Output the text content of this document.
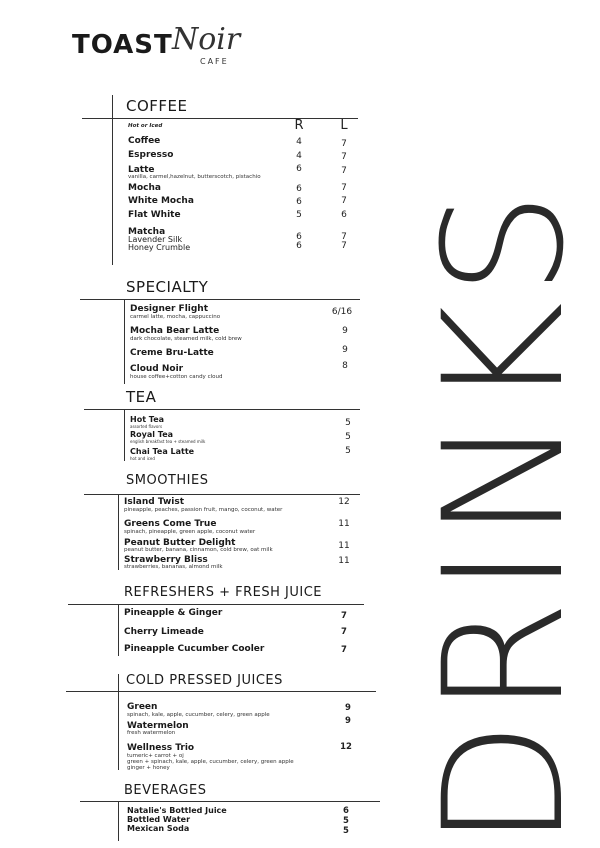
TOAST Noir
CAFE
DRINKS
COFFEE
Hot or Iced	R	L
Coffee	4	7
Espresso	4	7
Latte
vanilla, carmel,hazelnut, butterscotch, pistachio
6	7
Mocha	6	7
White Mocha	6	7
Flat White	5	6
Matcha
Lavender Silk
Honey Crumble
6	7
6	7
SPECIALTY
Designer Flight
carmel latte, mocha, cappuccino	6/16
Mocha Bear Latte
dark chocolate, steamed milk, cold brew
9
Creme Bru-Latte	9
Cloud Noir
house coffee+cotton candy cloud
8
TEA
Hot Tea
assorted flavors	5
Royal Tea
english breakfast tea + steamed milk	5
Chai Tea Latte
hot and iced
5
SMOOTHIES
Island Twist
pineapple, peaches, passion fruit, mango, coconut, water
12
Greens Come True
spinach, pineapple, green apple, coconut water
11
Peanut Butter Delight
peanut butter, banana, cinnamon, cold brew, oat milk	11
Strawberry Bliss
strawberries, bananas, almond milk
11
REFRESHERS + FRESH JUICE
Pineapple & Ginger	7
Cherry Limeade	7
Pineapple Cucumber Cooler	7
COLD PRESSED JUICES
Green
spinach, kale, apple, cucumber, celery, green apple
9
Watermelon
fresh watermelon
9
Wellness Trio
tumeric+ carrot + oj
green + spinach, kale, apple, cucumber, celery, green apple
ginger + honey
12
BEVERAGES
Natalie's Bottled Juice	6
Bottled Water	5
Mexican Soda	5
